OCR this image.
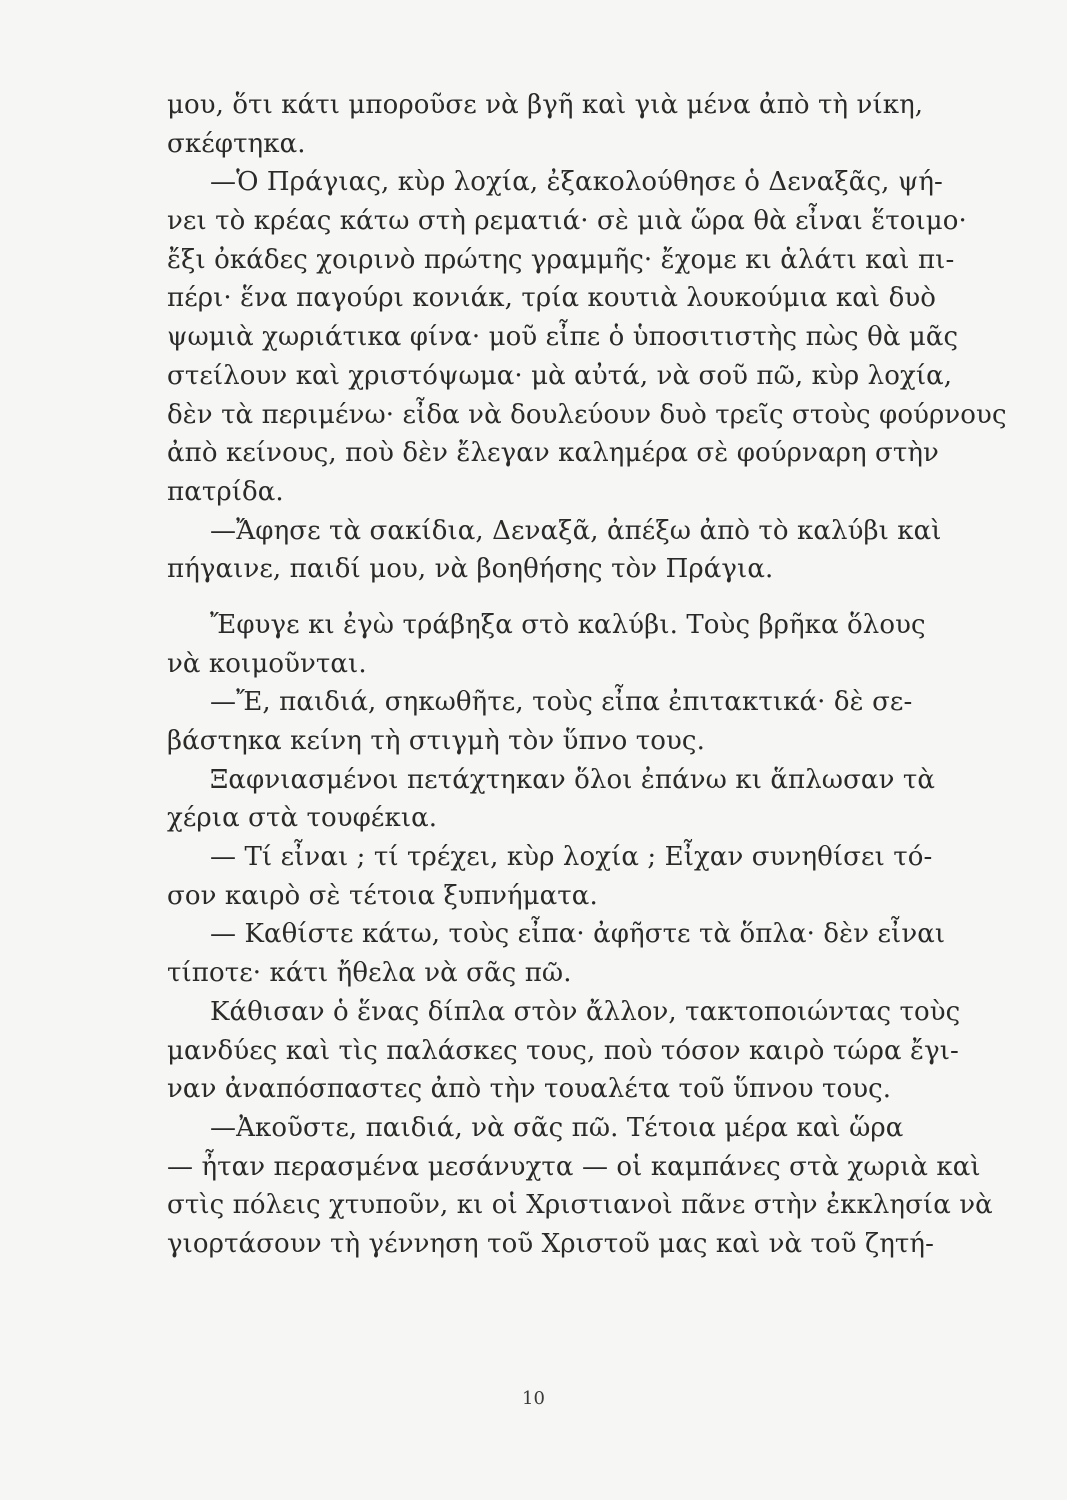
μου, ὅτι κάτι μποροῦσε νὰ βγῆ καὶ γιὰ μένα ἀπὸ τὴ νίκη,
σκέφτηκα.
—Ὁ Πράγιας, κὺρ λοχία, ἐξακολούθησε ὁ Δεναξᾶς, ψή-
νει τὸ κρέας κάτω στὴ ρεματιά· σὲ μιὰ ὥρα θὰ εἶναι ἕτοιμο·
ἔξι ὀκάδες χοιρινὸ πρώτης γραμμῆς· ἔχομε κι ἁλάτι καὶ πι-
πέρι· ἕνα παγούρι κονιάκ, τρία κουτιὰ λουκούμια καὶ δυὸ
ψωμιὰ χωριάτικα φίνα· μοῦ εἶπε ὁ ὑποσιτιστὴς πὼς θὰ μᾶς
στείλουν καὶ χριστόψωμα· μὰ αὐτά, νὰ σοῦ πῶ, κὺρ λοχία,
δὲν τὰ περιμένω· εἶδα νὰ δουλεύουν δυὸ τρεῖς στοὺς φούρνους
ἀπὸ κείνους, ποὺ δὲν ἔλεγαν καλημέρα σὲ φούρναρη στὴν
πατρίδα.
—Ἄφησε τὰ σακίδια, Δεναξᾶ, ἀπέξω ἀπὸ τὸ καλύβι καὶ
πήγαινε, παιδί μου, νὰ βοηθήσης τὸν Πράγια.
Ἔφυγε κι ἐγὼ τράβηξα στὸ καλύβι. Τοὺς βρῆκα ὅλους
νὰ κοιμοῦνται.
—Ἔ, παιδιά, σηκωθῆτε, τοὺς εἶπα ἐπιτακτικά· δὲ σε-
βάστηκα κείνη τὴ στιγμὴ τὸν ὕπνο τους.
Ξαφνιασμένοι πετάχτηκαν ὅλοι ἐπάνω κι ἅπλωσαν τὰ
χέρια στὰ τουφέκια.
— Τί εἶναι ; τί τρέχει, κὺρ λοχία ; Εἶχαν συνηθίσει τό-
σον καιρὸ σὲ τέτοια ξυπνήματα.
— Καθίστε κάτω, τοὺς εἶπα· ἀφῆστε τὰ ὅπλα· δὲν εἶναι
τίποτε· κάτι ἤθελα νὰ σᾶς πῶ.
Κάθισαν ὁ ἕνας δίπλα στὸν ἄλλον, τακτοποιώντας τοὺς
μανδύες καὶ τὶς παλάσκες τους, ποὺ τόσον καιρὸ τώρα ἔγι-
ναν ἀναπόσπαστες ἀπὸ τὴν τουαλέτα τοῦ ὕπνου τους.
—Ἀκοῦστε, παιδιά, νὰ σᾶς πῶ. Τέτοια μέρα καὶ ὥρα
— ἦταν περασμένα μεσάνυχτα — οἱ καμπάνες στὰ χωριὰ καὶ
στὶς πόλεις χτυποῦν, κι οἱ Χριστιανοὶ πᾶνε στὴν ἐκκλησία νὰ
γιορτάσουν τὴ γέννηση τοῦ Χριστοῦ μας καὶ νὰ τοῦ ζητή-
10
